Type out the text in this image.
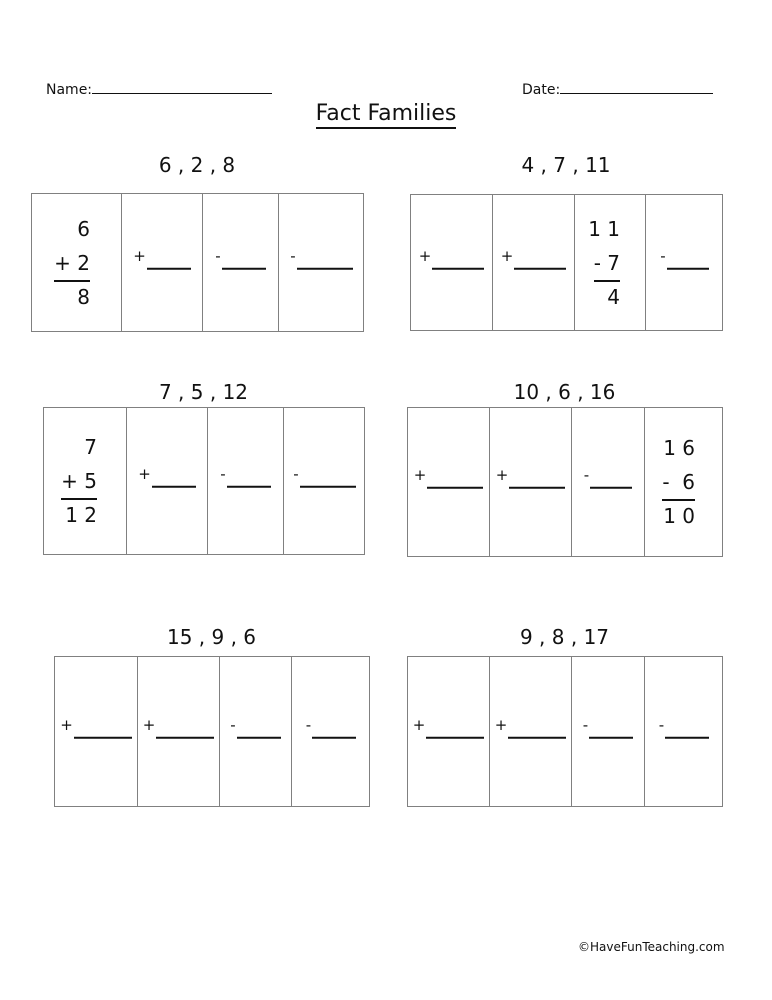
Name:	Date:
Fact Families
6 , 2 , 8
6
+ 2
8
+	-	-
4 , 7 , 11
+	+
1 1
- 7
4
-
7 , 5 , 12
7
+ 5
1 2
+	-	-
10 , 6 , 16
+	+	-
1 6
-  6
1 0
15 , 9 , 6
+	+	-	-
9 , 8 , 17
+	+	-	-
©HaveFunTeaching.com
